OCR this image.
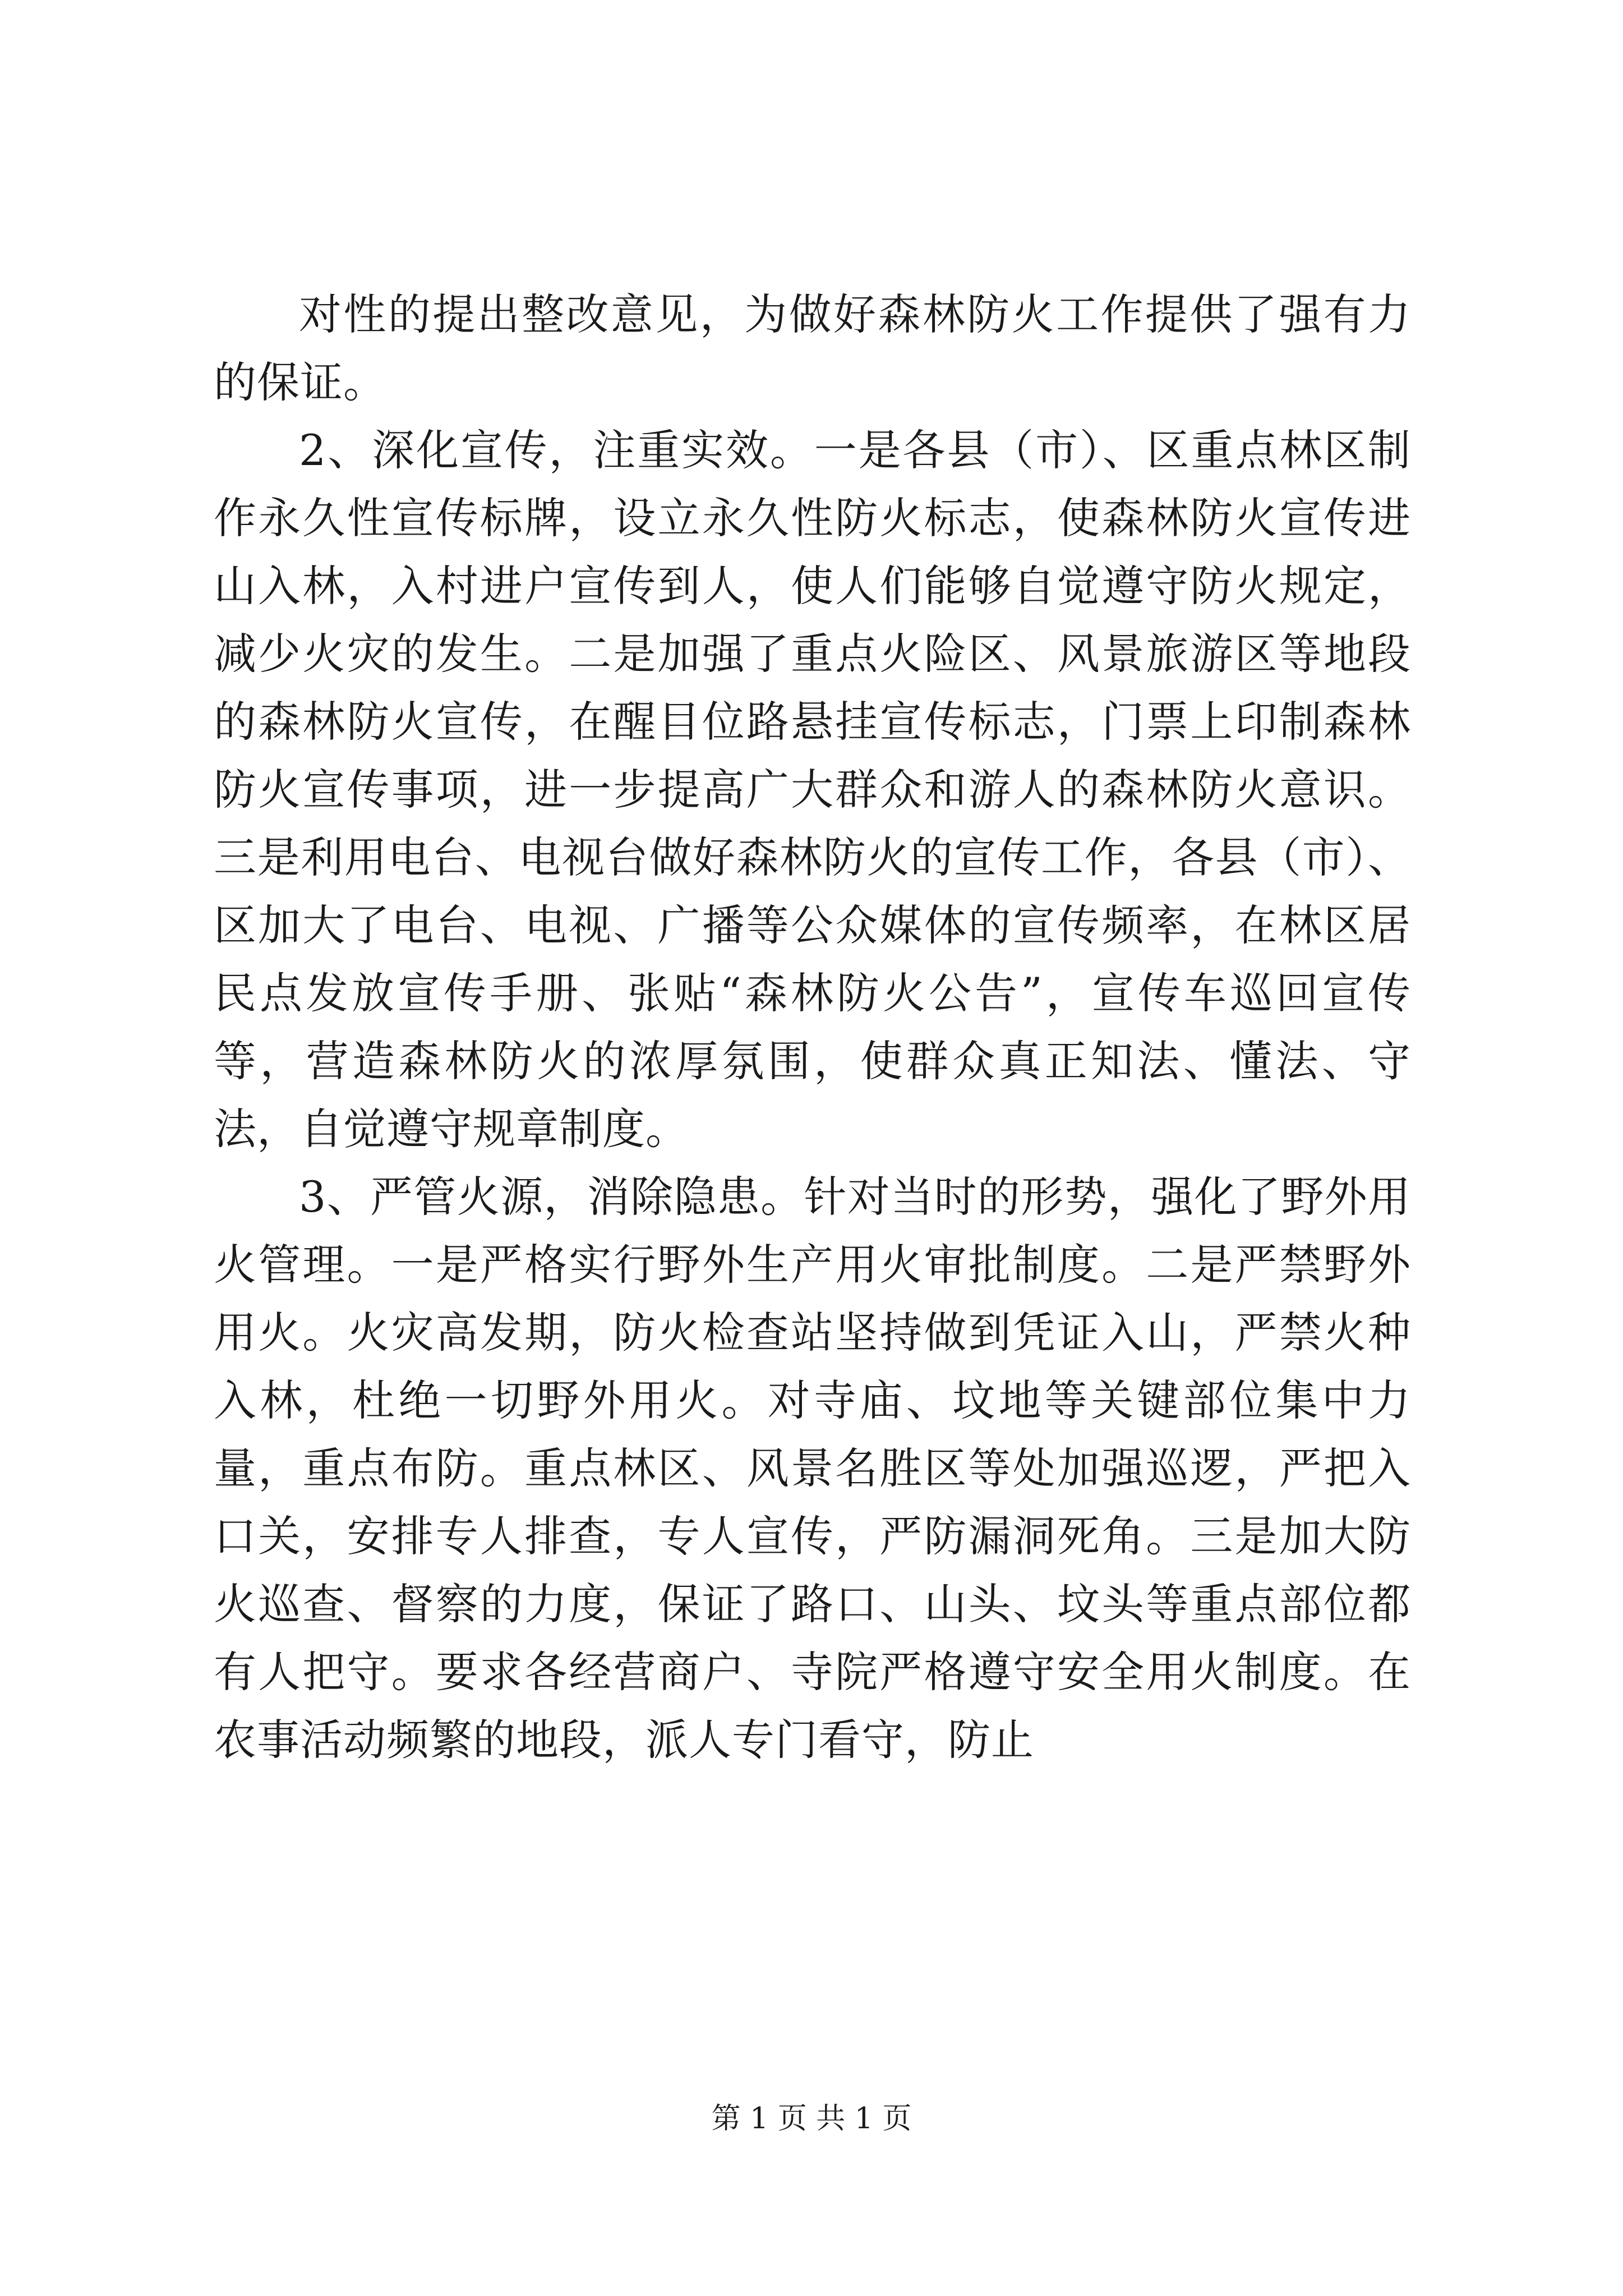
对性的提出整改意见，为做好森林防火工作提供了强有力的保证。

2、深化宣传，注重实效。一是各县（市）、区重点林区制作永久性宣传标牌，设立永久性防火标志，使森林防火宣传进山入林，入村进户宣传到人，使人们能够自觉遵守防火规定，减少火灾的发生。二是加强了重点火险区、风景旅游区等地段的森林防火宣传，在醒目位路悬挂宣传标志，门票上印制森林防火宣传事项，进一步提高广大群众和游人的森林防火意识。三是利用电台、电视台做好森林防火的宣传工作，各县（市）、区加大了电台、电视、广播等公众媒体的宣传频率，在林区居民点发放宣传手册、张贴“森林防火公告”，宣传车巡回宣传等，营造森林防火的浓厚氛围，使群众真正知法、懂法、守法，自觉遵守规章制度。

3、严管火源，消除隐患。针对当时的形势，强化了野外用火管理。一是严格实行野外生产用火审批制度。二是严禁野外用火。火灾高发期，防火检查站坚持做到凭证入山，严禁火种入林，杜绝一切野外用火。对寺庙、坟地等关键部位集中力量，重点布防。重点林区、风景名胜区等处加强巡逻，严把入口关，安排专人排查，专人宣传，严防漏洞死角。三是加大防火巡查、督察的力度，保证了路口、山头、坟头等重点部位都有人把守。要求各经营商户、寺院严格遵守安全用火制度。在农事活动频繁的地段，派人专门看守，防止

第 1 页 共 1 页
